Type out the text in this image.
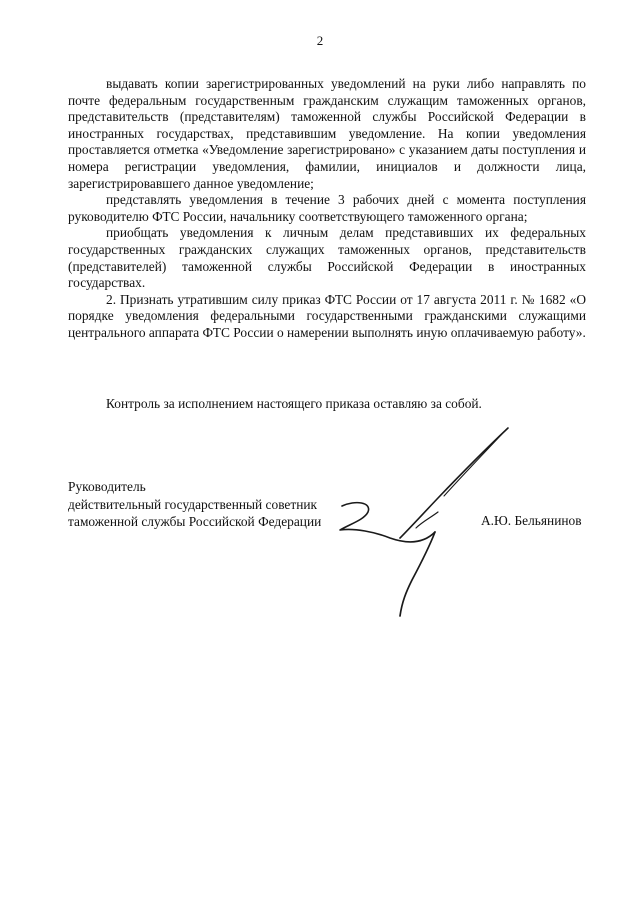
2

выдавать копии зарегистрированных уведомлений на руки либо направлять по почте федеральным государственным гражданским служащим таможенных органов, представительств (представителям) таможенной службы Российской Федерации в иностранных государствах, представившим уведомление. На копии уведомления проставляется отметка «Уведомление зарегистрировано» с указанием даты поступления и номера регистрации уведомления, фамилии, инициалов и должности лица, зарегистрировавшего данное уведомление;

представлять уведомления в течение 3 рабочих дней с момента поступления руководителю ФТС России, начальнику соответствующего таможенного органа;

приобщать уведомления к личным делам представивших их федеральных государственных гражданских служащих таможенных органов, представительств (представителей) таможенной службы Российской Федерации в иностранных государствах.

2. Признать утратившим силу приказ ФТС России от 17 августа 2011 г. № 1682 «О порядке уведомления федеральными государственными гражданскими служащими центрального аппарата ФТС России о намерении выполнять иную оплачиваемую работу».

Контроль за исполнением настоящего приказа оставляю за собой.
Руководитель
действительный государственный советник
таможенной службы Российской Федерации	А.Ю. Бельянинов
